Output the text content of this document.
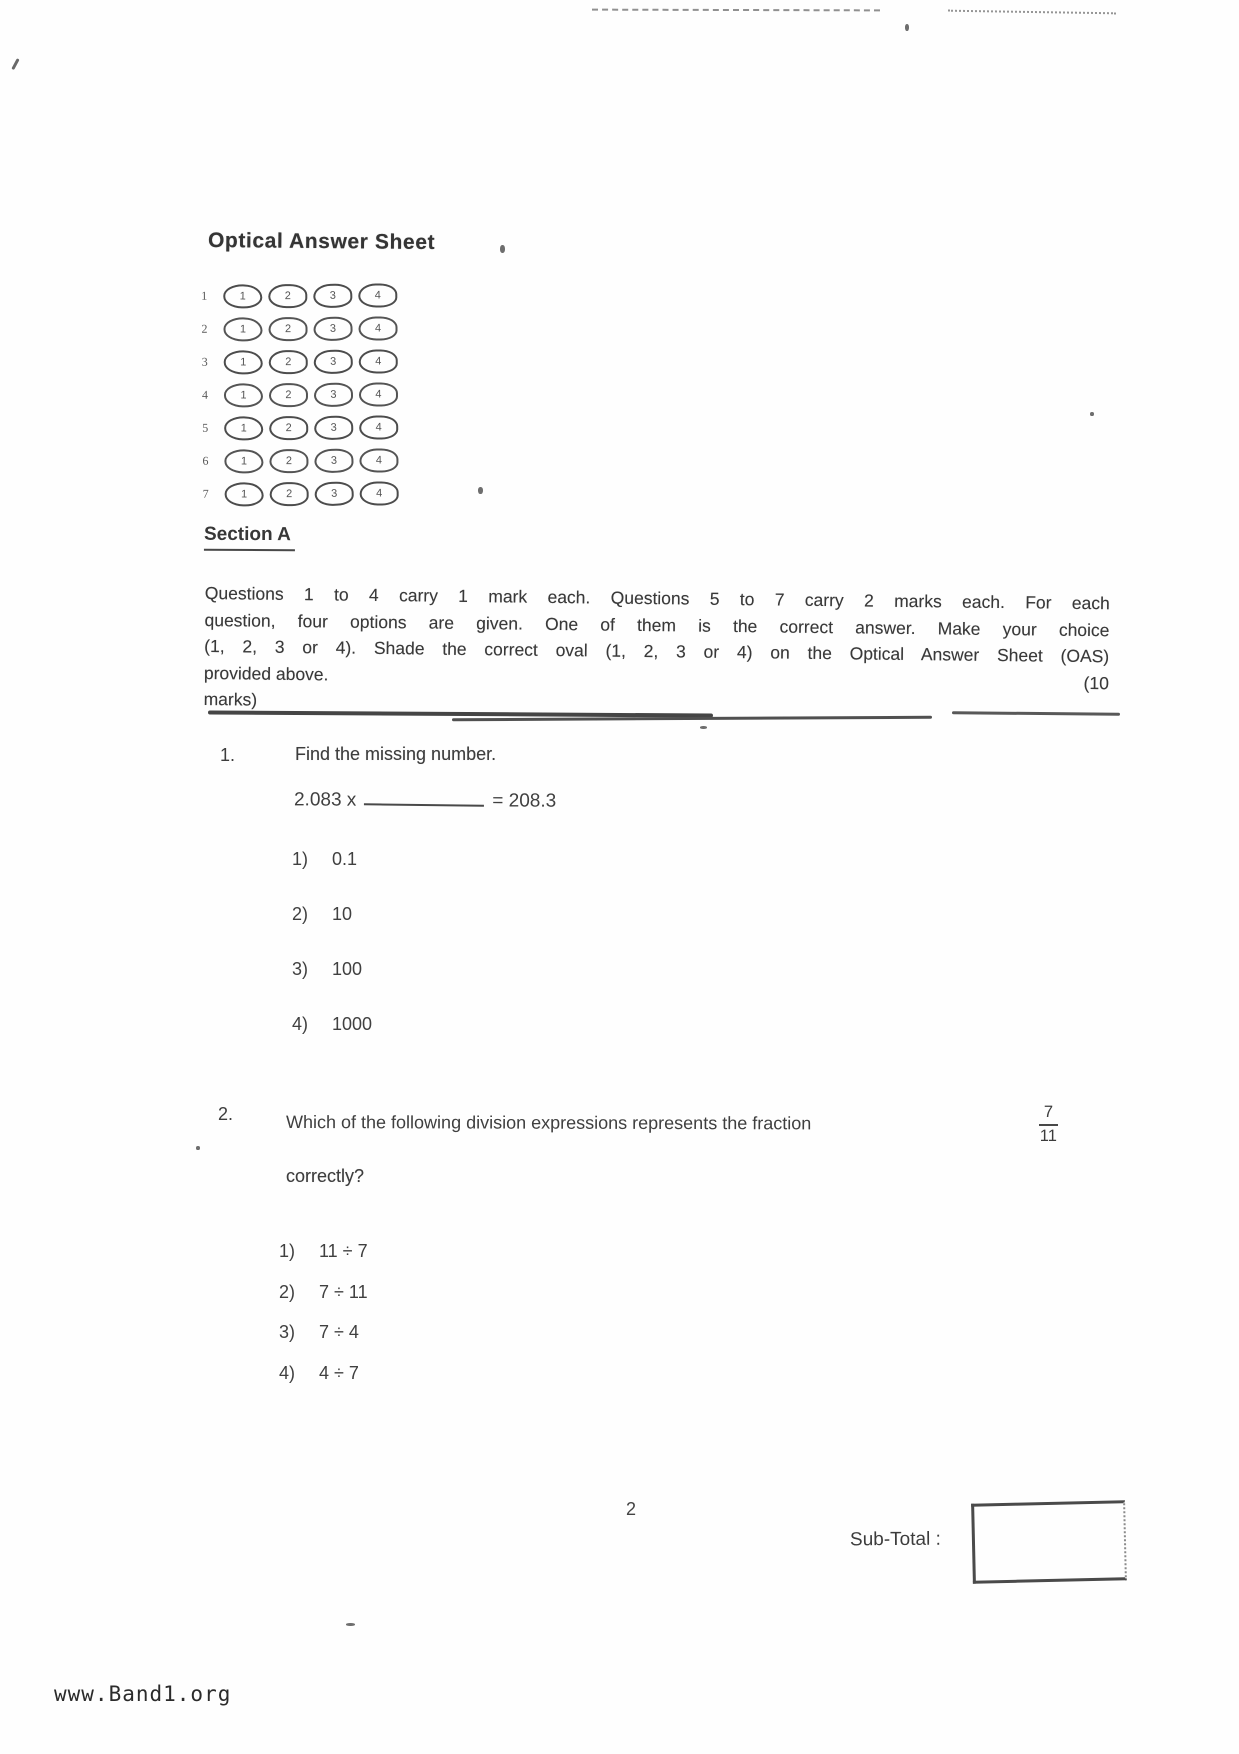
Optical Answer Sheet
1	1	2	3	4
2	1	2	3	4
3	1	2	3	4
4	1	2	3	4
5	1	2	3	4
6	1	2	3	4
7	1	2	3	4
Section A
Questions 1 to 4 carry 1 mark each. Questions 5 to 7 carry 2 marks each. For each
question, four options are given. One of them is the correct answer. Make your choice
(1, 2, 3 or 4). Shade the correct oval (1, 2, 3 or 4) on the Optical Answer Sheet (OAS)
provided above.	(10
marks)
1.	Find the missing number.
2.083 x	= 208.3
1)	0.1
2)	10
3)	100
4)	1000
2.	Which of the following division expressions represents the fraction	$\frac{7}{11}$
correctly?
1)	11 ÷ 7
2)	7 ÷ 11
3)	7 ÷ 4
4)	4 ÷ 7
2
Sub-Total :
www.Band1.org
